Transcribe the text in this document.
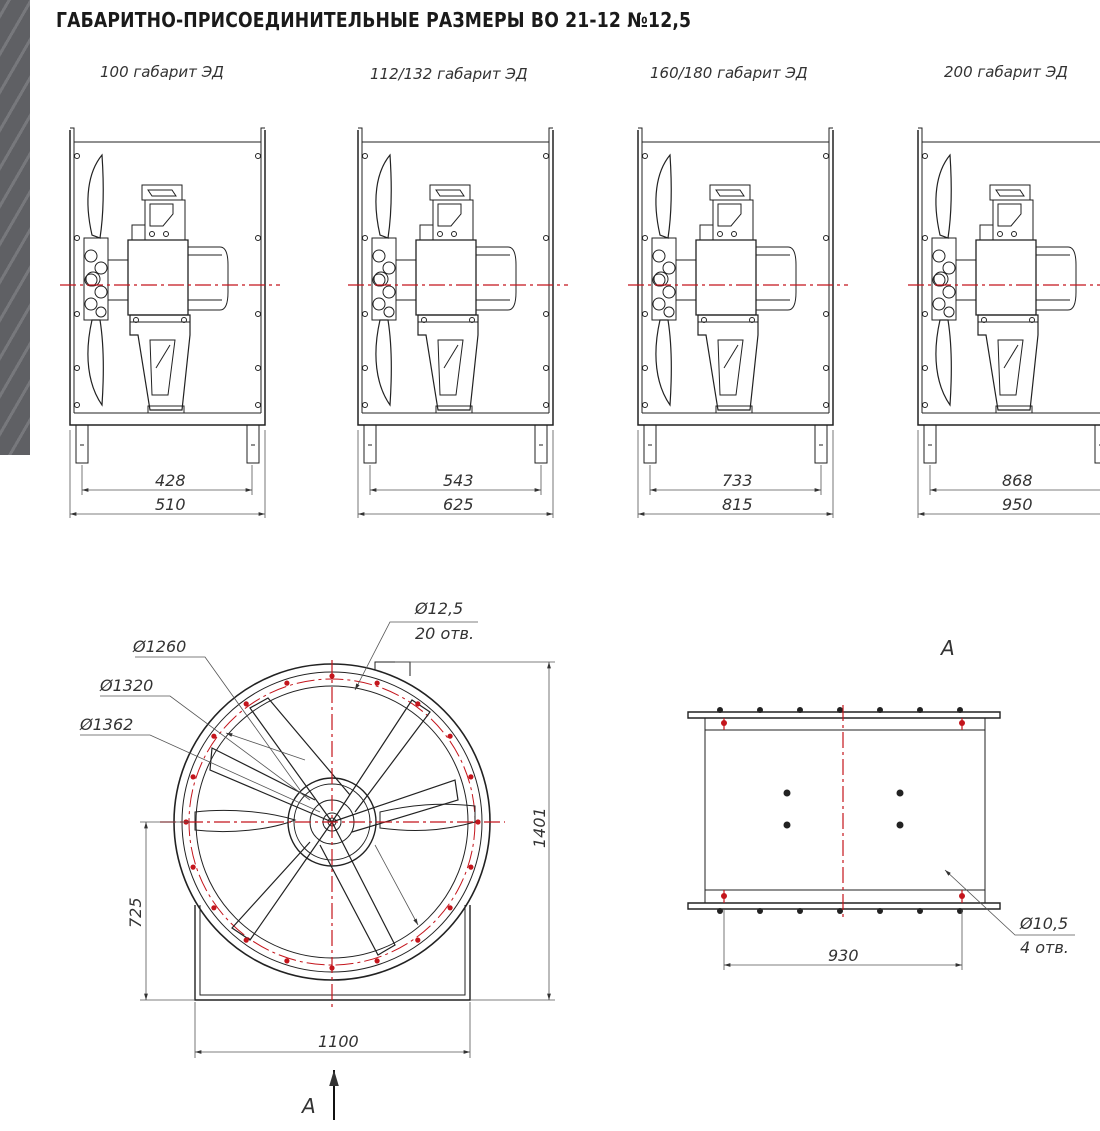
ГАБАРИТНО-ПРИСОЕДИНИТЕЛЬНЫЕ РАЗМЕРЫ ВО 21-12 №12,5
100 габарит ЭД	112/132 габарит ЭД	160/180 габарит ЭД	200 габарит ЭД
428
510
543
625
733
815
868
950
Ø12,5
20 отв.
Ø1260
Ø1320
Ø1362
1401
725
1100
A
A
Ø10,5
4 отв.
930
